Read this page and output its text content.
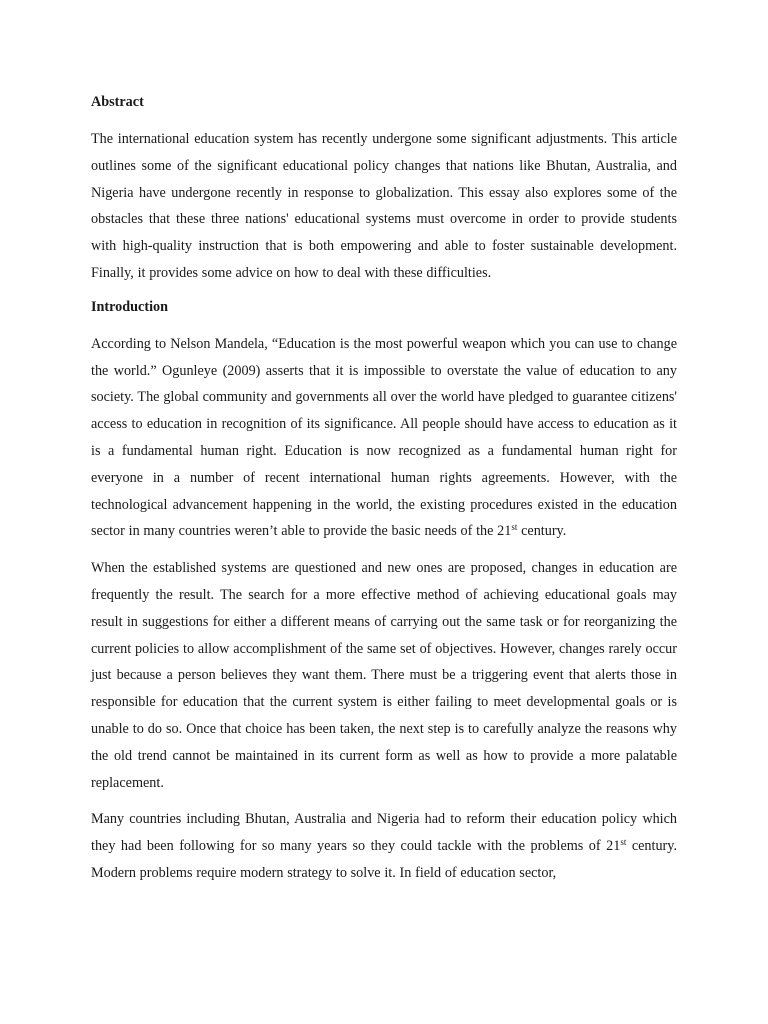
Abstract

The international education system has recently undergone some significant adjustments. This article outlines some of the significant educational policy changes that nations like Bhutan, Australia, and Nigeria have undergone recently in response to globalization. This essay also explores some of the obstacles that these three nations' educational systems must overcome in order to provide students with high-quality instruction that is both empowering and able to foster sustainable development. Finally, it provides some advice on how to deal with these difficulties.

Introduction

According to Nelson Mandela, “Education is the most powerful weapon which you can use to change the world.” Ogunleye (2009) asserts that it is impossible to overstate the value of education to any society. The global community and governments all over the world have pledged to guarantee citizens' access to education in recognition of its significance. All people should have access to education as it is a fundamental human right. Education is now recognized as a fundamental human right for everyone in a number of recent international human rights agreements. However, with the technological advancement happening in the world, the existing procedures existed in the education sector in many countries weren’t able to provide the basic needs of the 21st century.

When the established systems are questioned and new ones are proposed, changes in education are frequently the result. The search for a more effective method of achieving educational goals may result in suggestions for either a different means of carrying out the same task or for reorganizing the current policies to allow accomplishment of the same set of objectives. However, changes rarely occur just because a person believes they want them. There must be a triggering event that alerts those in responsible for education that the current system is either failing to meet developmental goals or is unable to do so. Once that choice has been taken, the next step is to carefully analyze the reasons why the old trend cannot be maintained in its current form as well as how to provide a more palatable replacement.

Many countries including Bhutan, Australia and Nigeria had to reform their education policy which they had been following for so many years so they could tackle with the problems of 21st century. Modern problems require modern strategy to solve it. In field of education sector,
